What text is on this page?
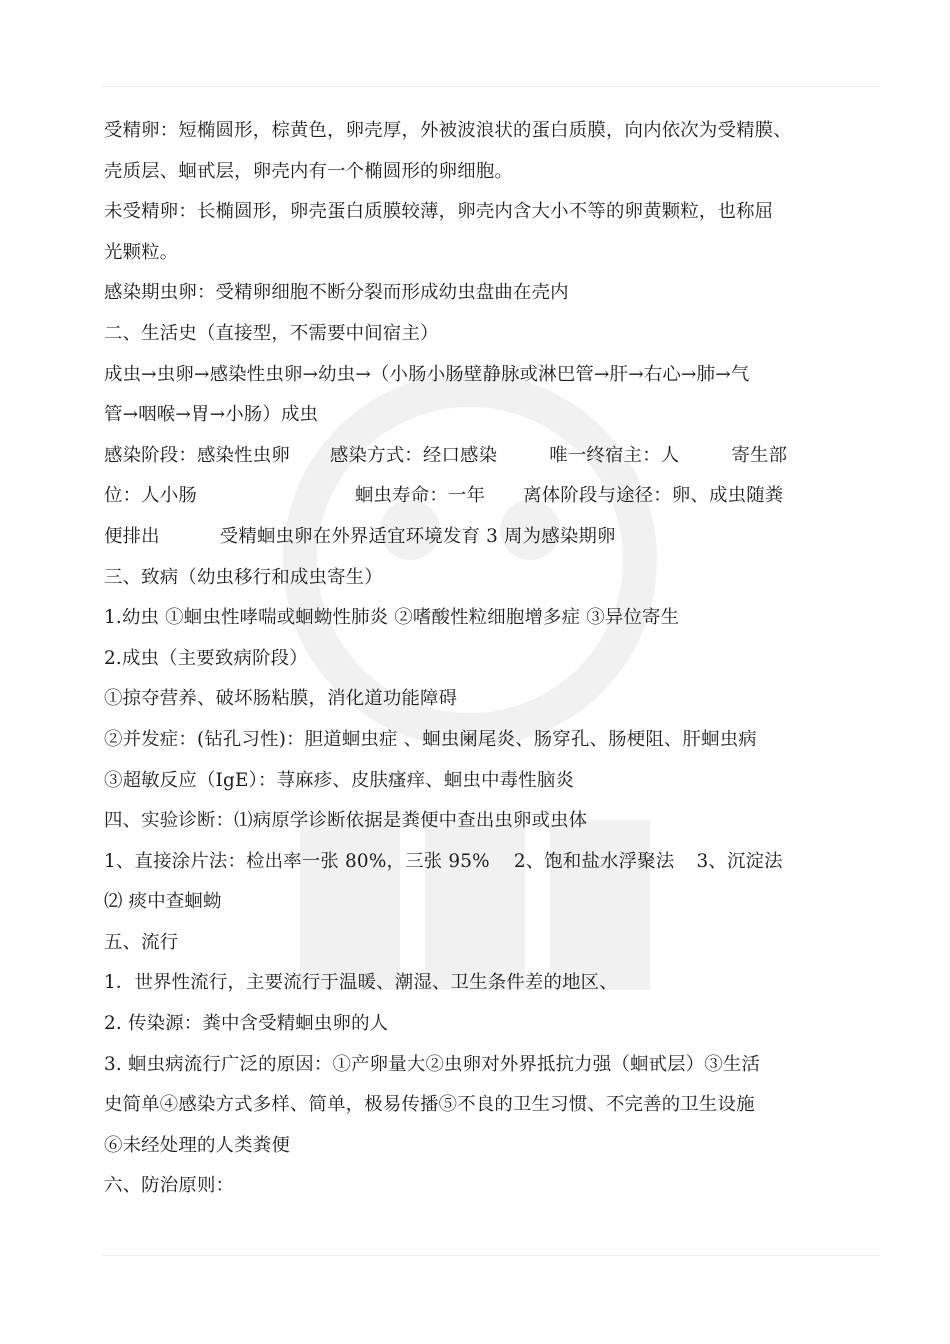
受精卵：短椭圆形，棕黄色，卵壳厚，外被波浪状的蛋白质膜，向内依次为受精膜、
壳质层、蛔甙层，卵壳内有一个椭圆形的卵细胞。
未受精卵：长椭圆形，卵壳蛋白质膜较薄，卵壳内含大小不等的卵黄颗粒，也称屈
光颗粒。
感染期虫卵：受精卵细胞不断分裂而形成幼虫盘曲在壳内
二、生活史（直接型，不需要中间宿主）
成虫→虫卵→感染性虫卵→幼虫→（小肠小肠壁静脉或淋巴管→肝→右心→肺→气
管→咽喉→胃→小肠）成虫
感染阶段：感染性虫卵 感染方式：经口感染	唯一终宿主：人	寄生部
位：人小肠	蛔虫寿命：一年 离体阶段与途径：卵、成虫随粪
便排出	受精蛔虫卵在外界适宜环境发育 3 周为感染期卵
三、致病（幼虫移行和成虫寄生）
1.幼虫 ①蛔虫性哮喘或蛔蚴性肺炎 ②嗜酸性粒细胞增多症 ③异位寄生
2.成虫（主要致病阶段）
①掠夺营养、破坏肠粘膜，消化道功能障碍
②并发症：(钻孔习性)：胆道蛔虫症 、蛔虫阑尾炎、肠穿孔、肠梗阻、肝蛔虫病
③超敏反应（IgE）：荨麻疹、皮肤瘙痒、蛔虫中毒性脑炎
四、实验诊断：⑴病原学诊断依据是粪便中查出虫卵或虫体
1、直接涂片法：检出率一张 80%，三张 95% 2、饱和盐水浮聚法 3、沉淀法
⑵ 痰中查蛔蚴
五、流行
1．世界性流行，主要流行于温暖、潮湿、卫生条件差的地区、
2. 传染源：粪中含受精蛔虫卵的人
3. 蛔虫病流行广泛的原因：①产卵量大②虫卵对外界抵抗力强（蛔甙层）③生活
史简单④感染方式多样、简单，极易传播⑤不良的卫生习惯、不完善的卫生设施
⑥未经处理的人类粪便
六、防治原则：
